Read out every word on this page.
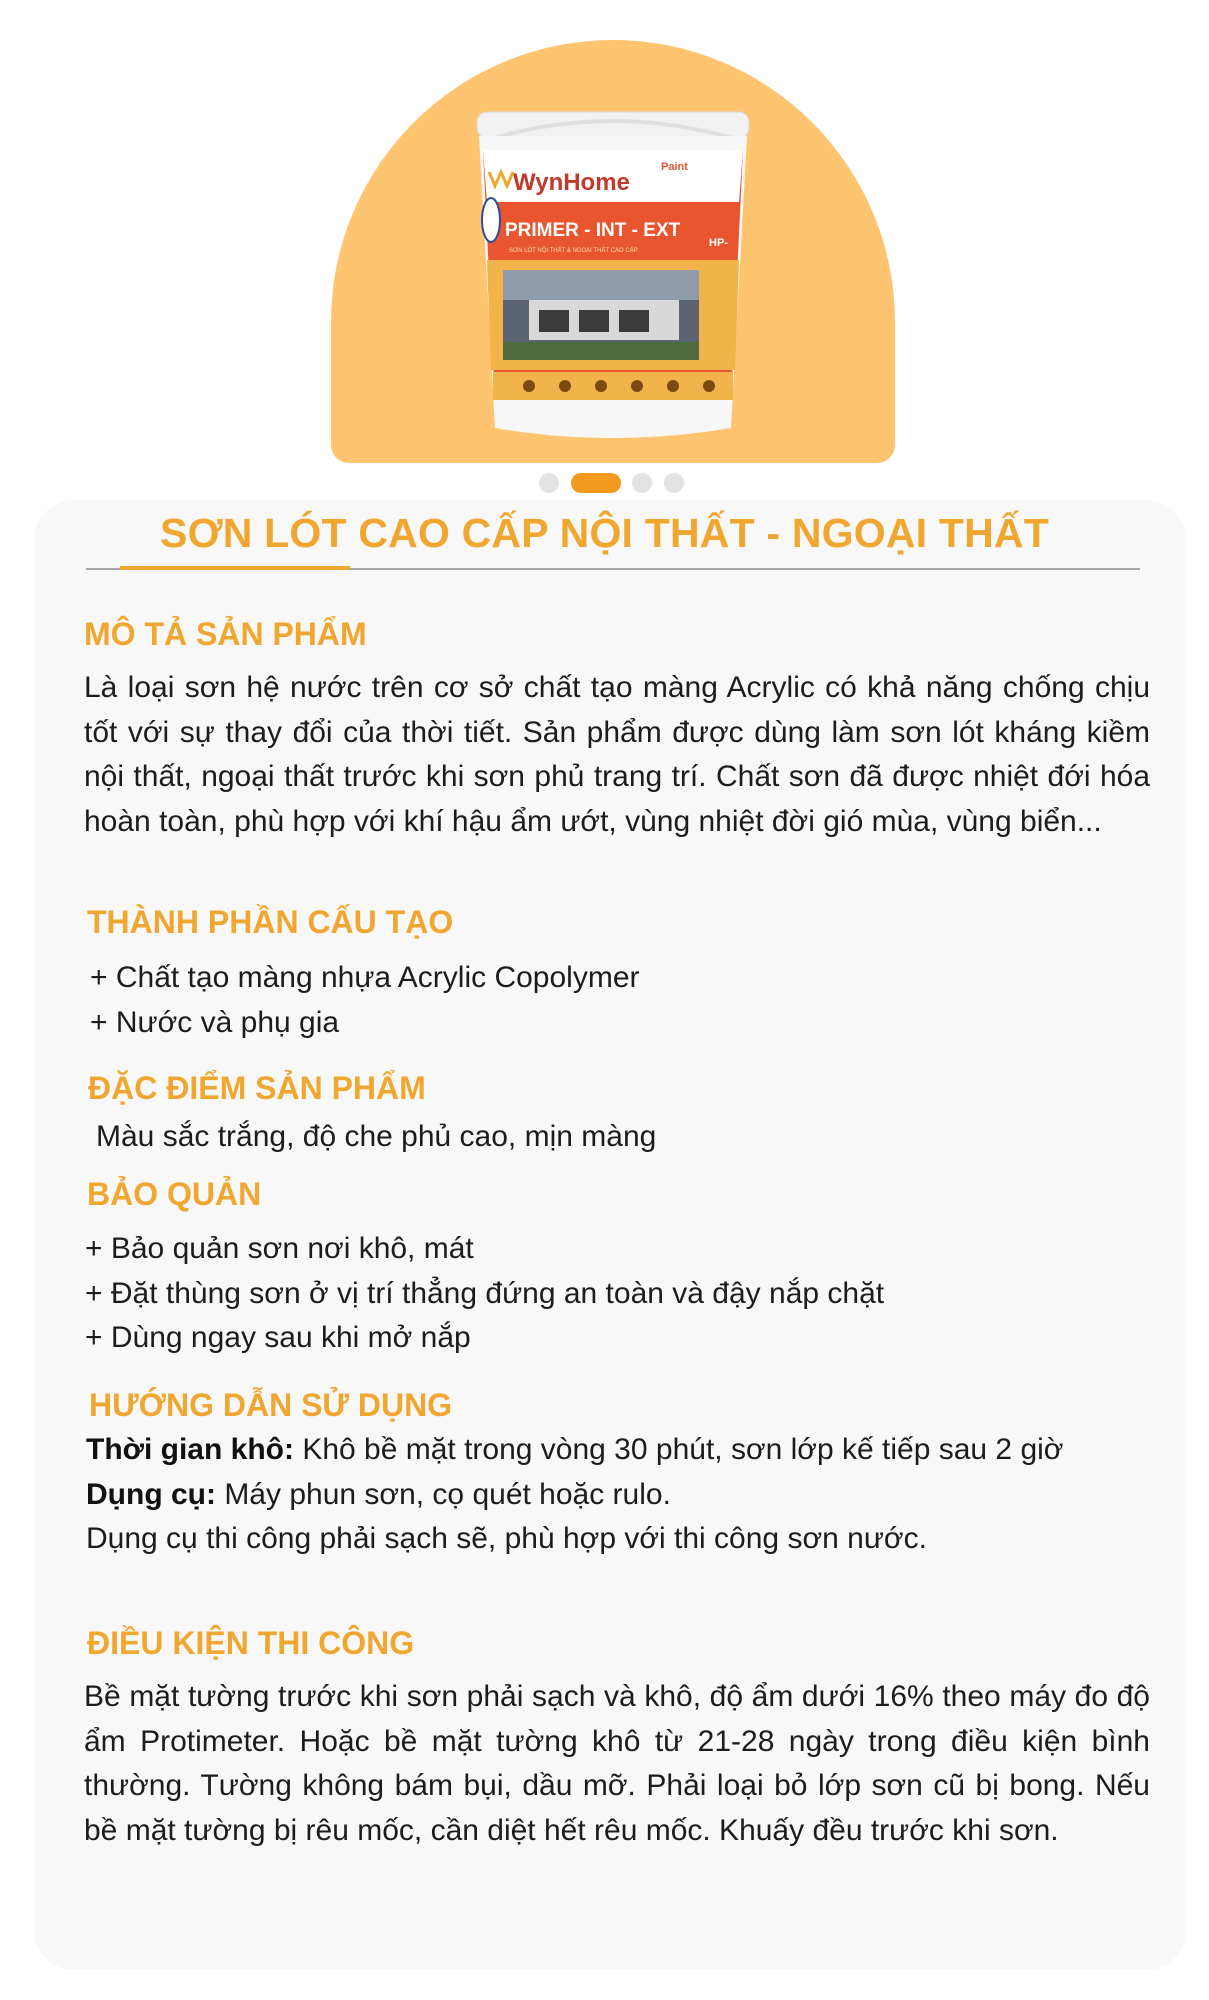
WynHome
Paint
PRIMER - INT - EXT
SƠN LÓT NỘI THẤT & NGOẠI THẤT CAO CẤP
HP-
SƠN LÓT CAO CẤP NỘI THẤT - NGOẠI THẤT
MÔ TẢ SẢN PHẨM

Là loại sơn hệ nước trên cơ sở chất tạo màng Acrylic có khả năng chống chịu tốt với sự thay đổi của thời tiết. Sản phẩm được dùng làm sơn lót kháng kiềm nội thất, ngoại thất trước khi sơn phủ trang trí. Chất sơn đã được nhiệt đới hóa hoàn toàn, phù hợp với khí hậu ẩm ướt, vùng nhiệt đời gió mùa, vùng biển...

THÀNH PHẦN CẤU TẠO
+ Chất tạo màng nhựa Acrylic Copolymer
+ Nước và phụ gia
ĐẶC ĐIỂM SẢN PHẨM

Màu sắc trắng, độ che phủ cao, mịn màng

BẢO QUẢN
+ Bảo quản sơn nơi khô, mát
+ Đặt thùng sơn ở vị trí thẳng đứng an toàn và đậy nắp chặt
+ Dùng ngay sau khi mở nắp
HƯỚNG DẪN SỬ DỤNG
Thời gian khô: Khô bề mặt trong vòng 30 phút, sơn lớp kế tiếp sau 2 giờ
Dụng cụ: Máy phun sơn, cọ quét hoặc rulo.
Dụng cụ thi công phải sạch sẽ, phù hợp với thi công sơn nước.
ĐIỀU KIỆN THI CÔNG

Bề mặt tường trước khi sơn phải sạch và khô, độ ẩm dưới 16% theo máy đo độ ẩm Protimeter. Hoặc bề mặt tường khô từ 21-28 ngày trong điều kiện bình thường. Tường không bám bụi, dầu mỡ. Phải loại bỏ lớp sơn cũ bị bong. Nếu bề mặt tường bị rêu mốc, cần diệt hết rêu mốc. Khuấy đều trước khi sơn.
